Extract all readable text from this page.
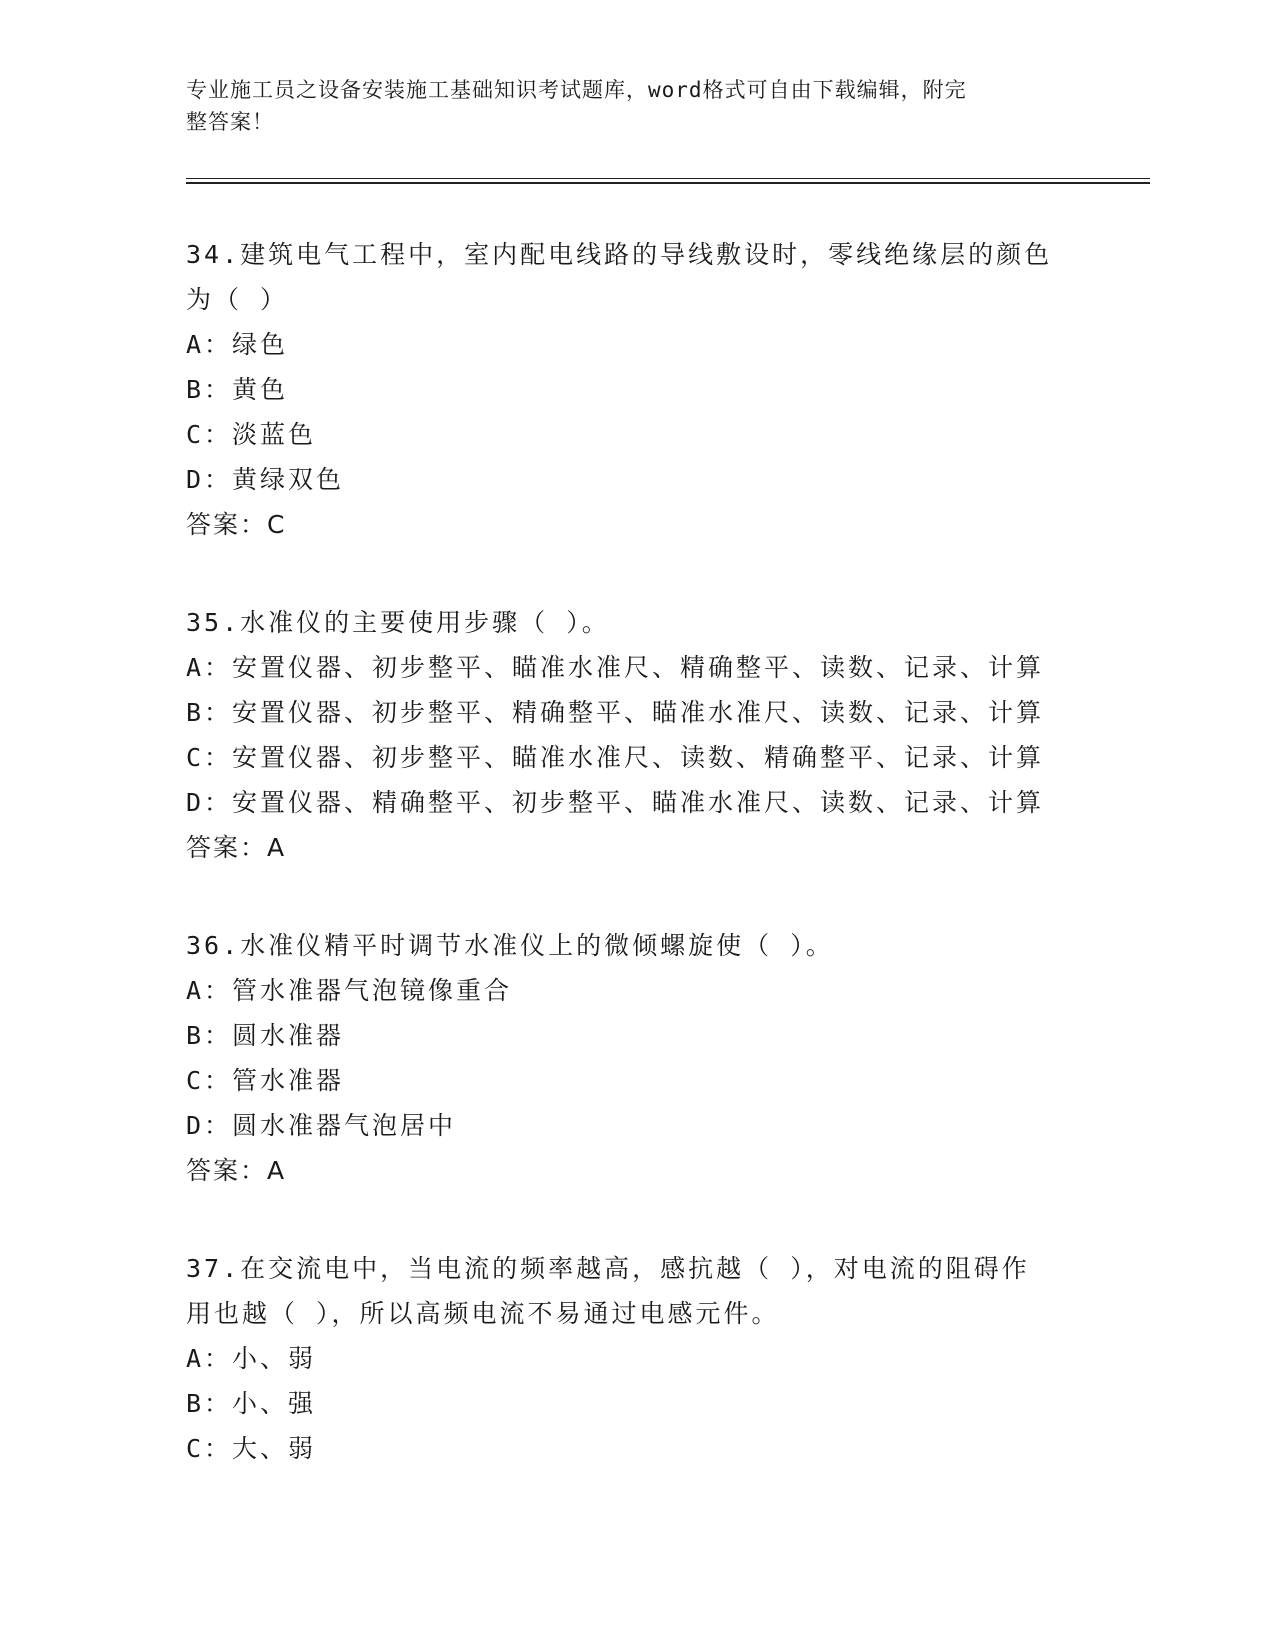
专业施工员之设备安装施工基础知识考试题库，word格式可自由下载编辑，附完
整答案！
34.建筑电气工程中，室内配电线路的导线敷设时，零线绝缘层的颜色
为（ ）
A：绿色
B：黄色
C：淡蓝色
D：黄绿双色
答案：C
35.水准仪的主要使用步骤（ ）。
A：安置仪器、初步整平、瞄准水准尺、精确整平、读数、记录、计算
B：安置仪器、初步整平、精确整平、瞄准水准尺、读数、记录、计算
C：安置仪器、初步整平、瞄准水准尺、读数、精确整平、记录、计算
D：安置仪器、精确整平、初步整平、瞄准水准尺、读数、记录、计算
答案：A
36.水准仪精平时调节水准仪上的微倾螺旋使（ ）。
A：管水准器气泡镜像重合
B：圆水准器
C：管水准器
D：圆水准器气泡居中
答案：A
37.在交流电中，当电流的频率越高，感抗越（ ），对电流的阻碍作
用也越（ ），所以高频电流不易通过电感元件。
A：小、弱
B：小、强
C：大、弱
